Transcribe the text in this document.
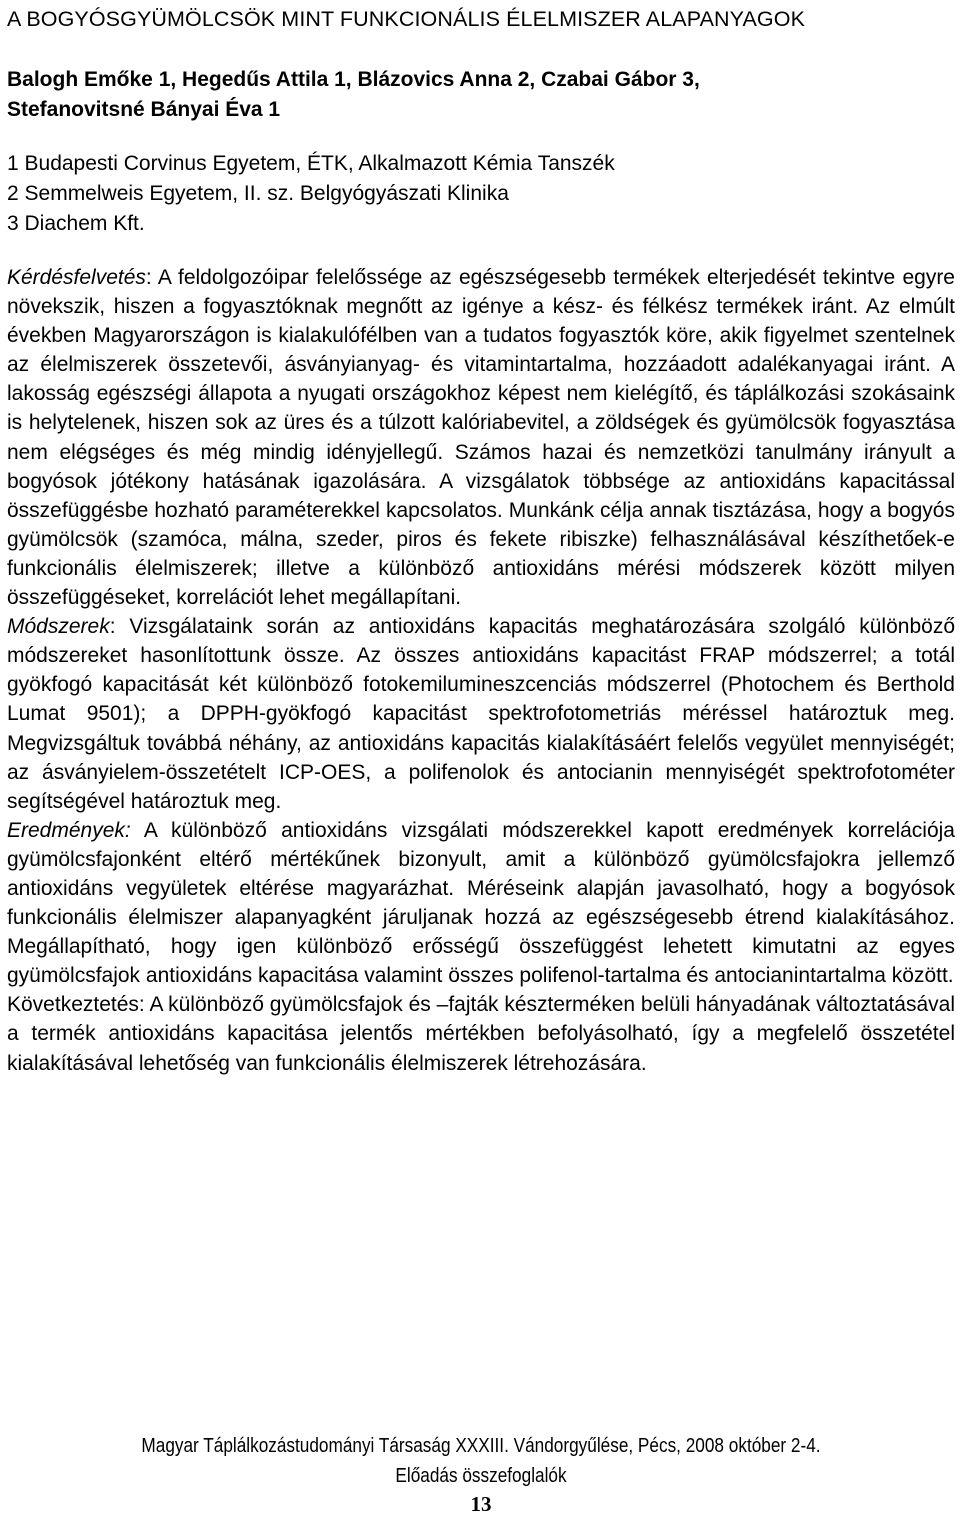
A BOGYÓSGYÜMÖLCSÖK MINT FUNKCIONÁLIS ÉLELMISZER ALAPANYAGOK
Balogh Emőke 1, Hegedűs Attila 1, Blázovics Anna 2, Czabai Gábor 3,
Stefanovitsné Bányai Éva 1
1 Budapesti Corvinus Egyetem, ÉTK, Alkalmazott Kémia Tanszék
2 Semmelweis Egyetem, II. sz. Belgyógyászati Klinika
3 Diachem Kft.

Kérdésfelvetés: A feldolgozóipar felelőssége az egészségesebb termékek elterjedését tekintve egyre növekszik, hiszen a fogyasztóknak megnőtt az igénye a kész- és félkész termékek iránt. Az elmúlt években Magyarországon is kialakulófélben van a tudatos fogyasztók köre, akik figyelmet szentelnek az élelmiszerek összetevői, ásványianyag- és vitamintartalma, hozzáadott adalékanyagai iránt. A lakosság egészségi állapota a nyugati országokhoz képest nem kielégítő, és táplálkozási szokásaink is helytelenek, hiszen sok az üres és a túlzott kalóriabevitel, a zöldségek és gyümölcsök fogyasztása nem elégséges és még mindig idényjellegű. Számos hazai és nemzetközi tanulmány irányult a bogyósok jótékony hatásának igazolására. A vizsgálatok többsége az antioxidáns kapacitással összefüggésbe hozható paraméterekkel kapcsolatos. Munkánk célja annak tisztázása, hogy a bogyós gyümölcsök (szamóca, málna, szeder, piros és fekete ribiszke) felhasználásával készíthetőek-e funkcionális élelmiszerek; illetve a különböző antioxidáns mérési módszerek között milyen összefüggéseket, korrelációt lehet megállapítani.

Módszerek: Vizsgálataink során az antioxidáns kapacitás meghatározására szolgáló különböző módszereket hasonlítottunk össze. Az összes antioxidáns kapacitást FRAP módszerrel; a totál gyökfogó kapacitását két különböző fotokemilumineszcenciás módszerrel (Photochem és Berthold Lumat 9501); a DPPH-gyökfogó kapacitást spektrofotometriás méréssel határoztuk meg. Megvizsgáltuk továbbá néhány, az antioxidáns kapacitás kialakításáért felelős vegyület mennyiségét; az ásványielem-összetételt ICP-OES, a polifenolok és antocianin mennyiségét spektrofotométer segítségével határoztuk meg.

Eredmények: A különböző antioxidáns vizsgálati módszerekkel kapott eredmények korrelációja gyümölcsfajonként eltérő mértékűnek bizonyult, amit a különböző gyümölcsfajokra jellemző antioxidáns vegyületek eltérése magyarázhat. Méréseink alapján javasolható, hogy a bogyósok funkcionális élelmiszer alapanyagként járuljanak hozzá az egészségesebb étrend kialakításához. Megállapítható, hogy igen különböző erősségű összefüggést lehetett kimutatni az egyes gyümölcsfajok antioxidáns kapacitása valamint összes polifenol-tartalma és antocianintartalma között.

Következtetés: A különböző gyümölcsfajok és –fajták készterméken belüli hányadának változtatásával a termék antioxidáns kapacitása jelentős mértékben befolyásolható, így a megfelelő összetétel kialakításával lehetőség van funkcionális élelmiszerek létrehozására.

Magyar Táplálkozástudományi Társaság XXXIII. Vándorgyűlése, Pécs, 2008 október 2-4.
Előadás összefoglalók
13
